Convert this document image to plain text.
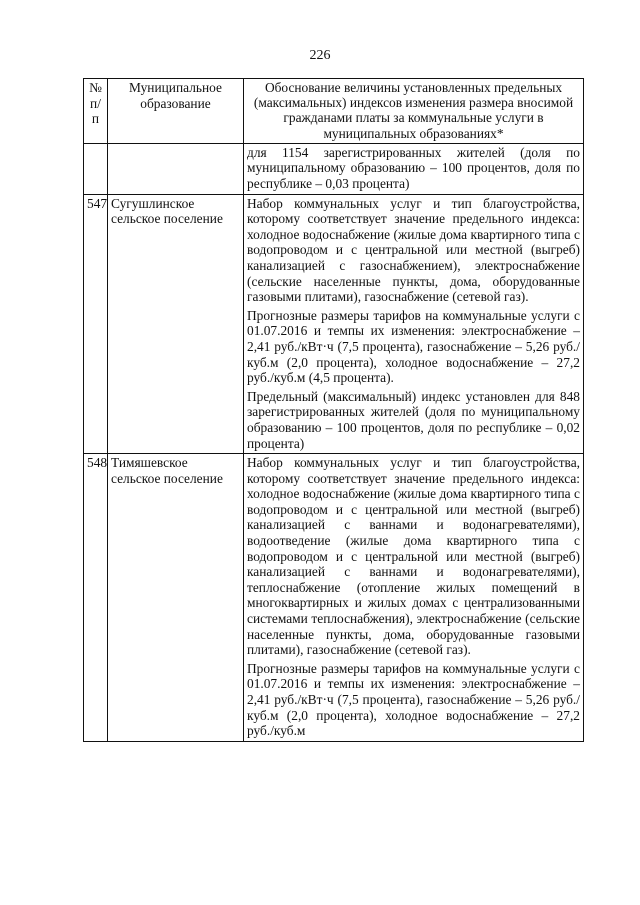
226
№ п/п	Муниципальное образование	Обоснование величины установленных предельных (максимальных) индексов изменения размера вносимой гражданами платы за коммунальные услуги в муниципальных образованиях*

		для 1154 зарегистрированных жителей (доля по муниципальному образованию – 100 процентов, доля по республике – 0,03 процента)

547	Сугушлинское сельское поселение	Набор коммунальных услуг и тип благоустройства, которому соответствует значение предельного индекса: холодное водоснабжение (жилые дома квартирного типа с водопроводом и с центральной или местной (выгреб) канализацией с газоснабжением), электроснабжение (сельские населенные пункты, дома, оборудованные газовыми плитами), газоснабжение (сетевой газ).

Прогнозные размеры тарифов на коммунальные услуги с 01.07.2016 и темпы их изменения: электроснабжение – 2,41 руб./кВт·ч (7,5 процента), газоснабжение – 5,26 руб./куб.м (2,0 процента), холодное водоснабжение – 27,2 руб./куб.м (4,5 процента).

Предельный (максимальный) индекс установлен для 848 зарегистрированных жителей (доля по муниципальному образованию – 100 процентов, доля по республике – 0,02 процента)

548	Тимяшевское сельское поселение	Набор коммунальных услуг и тип благоустройства, которому соответствует значение предельного индекса: холодное водоснабжение (жилые дома квартирного типа с водопроводом и с центральной или местной (выгреб) канализацией с ваннами и водонагревателями), водоотведение (жилые дома квартирного типа с водопроводом и с центральной или местной (выгреб) канализацией с ваннами и водонагревателями), теплоснабжение (отопление жилых помещений в многоквартирных и жилых домах с централизованными системами теплоснабжения), электроснабжение (сельские населенные пункты, дома, оборудованные газовыми плитами), газоснабжение (сетевой газ).

Прогнозные размеры тарифов на коммунальные услуги с 01.07.2016 и темпы их изменения: электроснабжение – 2,41 руб./кВт·ч (7,5 процента), газоснабжение – 5,26 руб./куб.м (2,0 процента), холодное водоснабжение – 27,2 руб./куб.м
